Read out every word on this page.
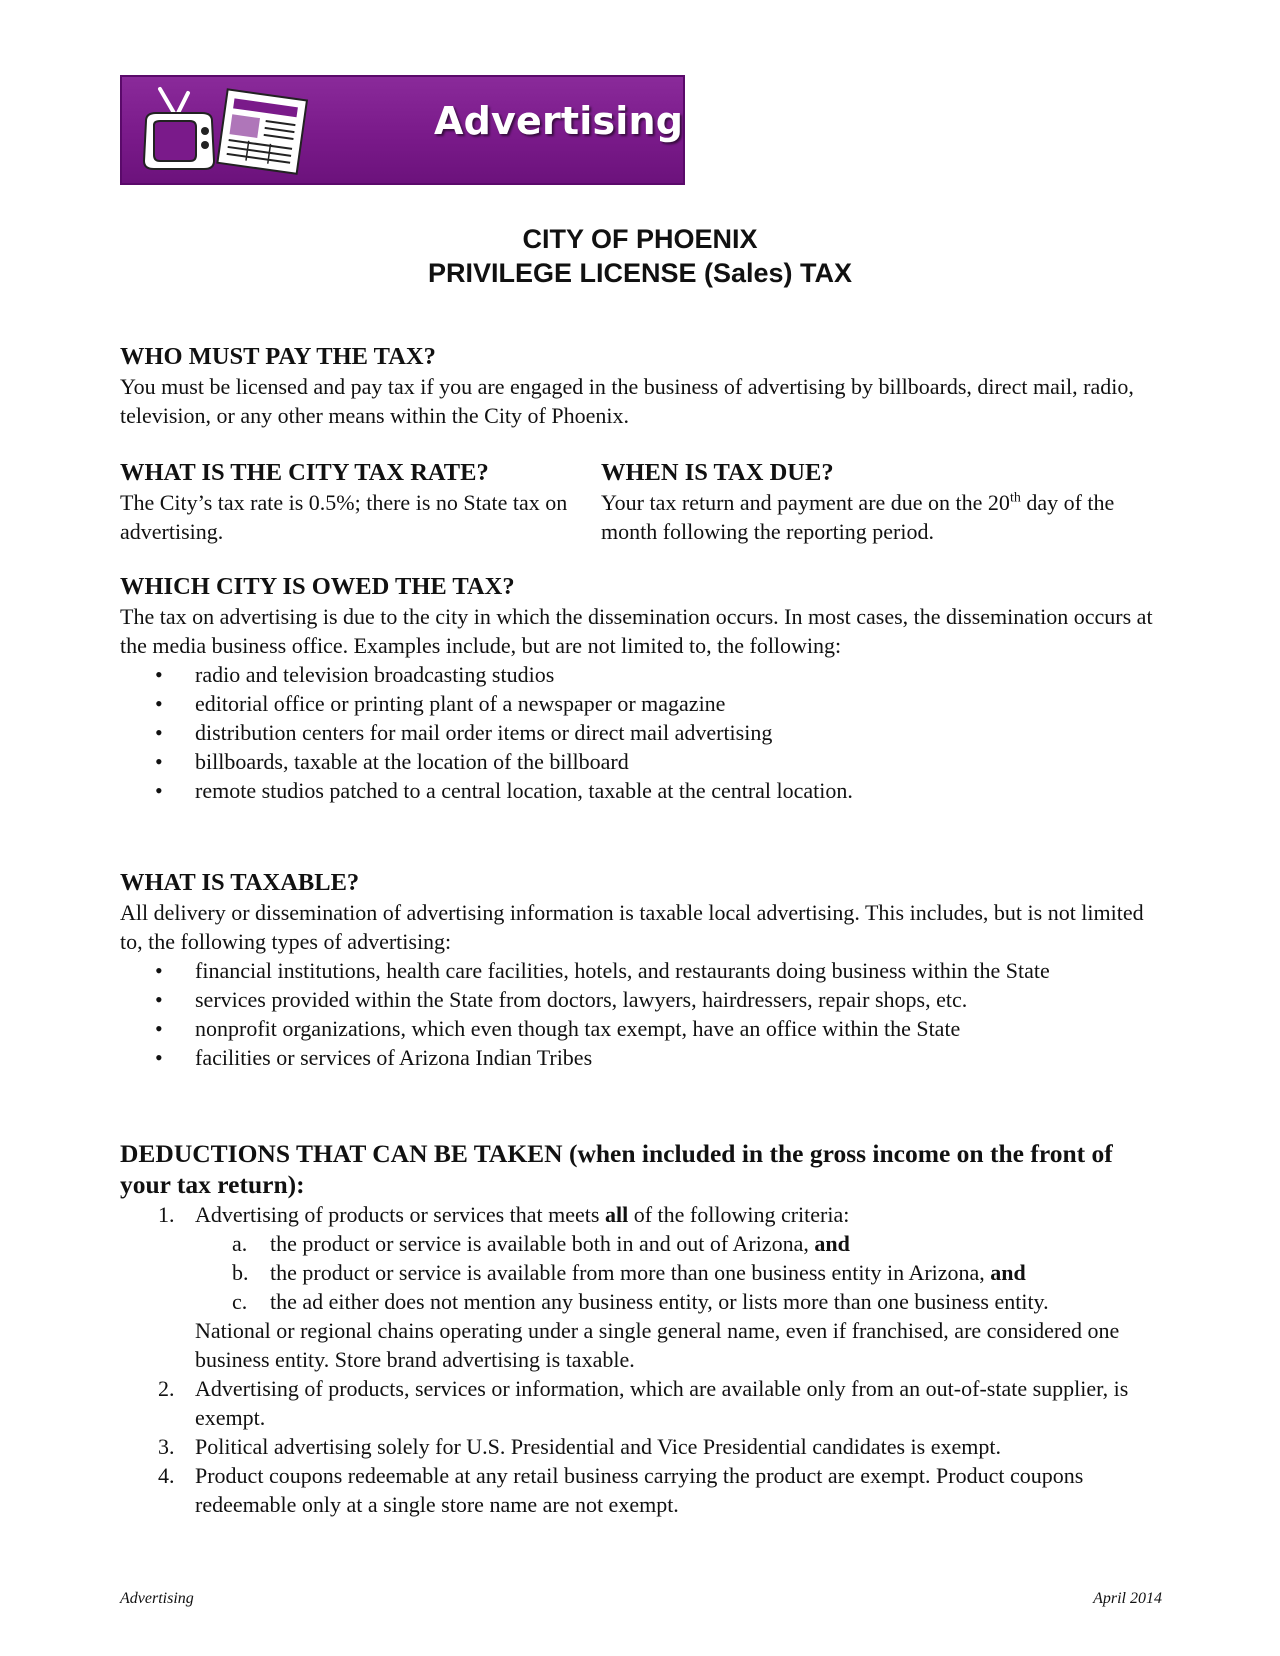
Advertising
CITY OF PHOENIX
PRIVILEGE LICENSE (Sales) TAX
WHO MUST PAY THE TAX?

You must be licensed and pay tax if you are engaged in the business of advertising by billboards, direct mail, radio, television, or any other means within the City of Phoenix.

WHAT IS THE CITY TAX RATE?

The City’s tax rate is 0.5%; there is no State tax on advertising.

WHEN IS TAX DUE?

Your tax return and payment are due on the 20th day of the month following the reporting period.

WHICH CITY IS OWED THE TAX?

The tax on advertising is due to the city in which the dissemination occurs. In most cases, the dissemination occurs at the media business office. Examples include, but are not limited to, the following:

• radio and television broadcasting studios
• editorial office or printing plant of a newspaper or magazine
• distribution centers for mail order items or direct mail advertising
• billboards, taxable at the location of the billboard
• remote studios patched to a central location, taxable at the central location.
WHAT IS TAXABLE?

All delivery or dissemination of advertising information is taxable local advertising. This includes, but is not limited to, the following types of advertising:

• financial institutions, health care facilities, hotels, and restaurants doing business within the State
• services provided within the State from doctors, lawyers, hairdressers, repair shops, etc.
• nonprofit organizations, which even though tax exempt, have an office within the State
• facilities or services of Arizona Indian Tribes
DEDUCTIONS THAT CAN BE TAKEN (when included in the gross income on the front of your tax return):
1. Advertising of products or services that meets all of the following criteria:
a. the product or service is available both in and out of Arizona, and
b. the product or service is available from more than one business entity in Arizona, and
c. the ad either does not mention any business entity, or lists more than one business entity.
National or regional chains operating under a single general name, even if franchised, are considered one business entity. Store brand advertising is taxable.
2. Advertising of products, services or information, which are available only from an out-of-state supplier, is exempt.
3. Political advertising solely for U.S. Presidential and Vice Presidential candidates is exempt.
4. Product coupons redeemable at any retail business carrying the product are exempt. Product coupons redeemable only at a single store name are not exempt.
Advertising	April 2014
